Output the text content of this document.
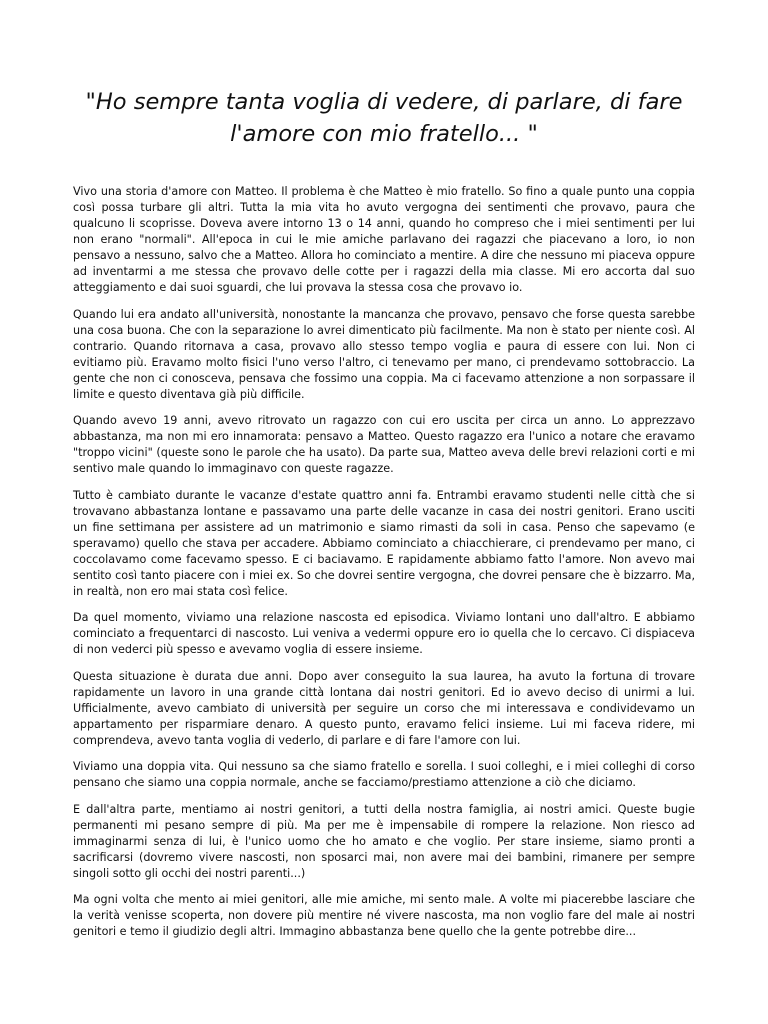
"Ho sempre tanta voglia di vedere, di parlare, di fare
l'amore con mio fratello... "

Vivo una storia d'amore con Matteo. Il problema è che Matteo è mio fratello. So fino a quale punto una coppia così possa turbare gli altri. Tutta la mia vita ho avuto vergogna dei sentimenti che provavo, paura che qualcuno li scoprisse. Doveva avere intorno 13 o 14 anni, quando ho compreso che i miei sentimenti per lui non erano "normali". All'epoca in cui le mie amiche parlavano dei ragazzi che piacevano a loro, io non pensavo a nessuno, salvo che a Matteo. Allora ho cominciato a mentire. A dire che nessuno mi piaceva oppure ad inventarmi a me stessa che provavo delle cotte per i ragazzi della mia classe. Mi ero accorta dal suo atteggiamento e dai suoi sguardi, che lui provava la stessa cosa che provavo io.

Quando lui era andato all'università, nonostante la mancanza che provavo, pensavo che forse questa sarebbe una cosa buona. Che con la separazione lo avrei dimenticato più facilmente. Ma non è stato per niente così. Al contrario. Quando ritornava a casa, provavo allo stesso tempo voglia e paura di essere con lui. Non ci evitiamo più. Eravamo molto fisici l'uno verso l'altro, ci tenevamo per mano, ci prendevamo sottobraccio. La gente che non ci conosceva, pensava che fossimo una coppia. Ma ci facevamo attenzione a non sorpassare il limite e questo diventava già più difficile.

Quando avevo 19 anni, avevo ritrovato un ragazzo con cui ero uscita per circa un anno. Lo apprezzavo abbastanza, ma non mi ero innamorata: pensavo a Matteo. Questo ragazzo era l'unico a notare che eravamo "troppo vicini" (queste sono le parole che ha usato). Da parte sua, Matteo aveva delle brevi relazioni corti e mi sentivo male quando lo immaginavo con queste ragazze.

Tutto è cambiato durante le vacanze d'estate quattro anni fa. Entrambi eravamo studenti nelle città che si trovavano abbastanza lontane e passavamo una parte delle vacanze in casa dei nostri genitori. Erano usciti un fine settimana per assistere ad un matrimonio e siamo rimasti da soli in casa. Penso che sapevamo (e speravamo) quello che stava per accadere. Abbiamo cominciato a chiacchierare, ci prendevamo per mano, ci coccolavamo come facevamo spesso. E ci baciavamo. E rapidamente abbiamo fatto l'amore. Non avevo mai sentito così tanto piacere con i miei ex. So che dovrei sentire vergogna, che dovrei pensare che è bizzarro. Ma, in realtà, non ero mai stata così felice.

Da quel momento, viviamo una relazione nascosta ed episodica. Viviamo lontani uno dall'altro. E abbiamo cominciato a frequentarci di nascosto. Lui veniva a vedermi oppure ero io quella che lo cercavo. Ci dispiaceva di non vederci più spesso e avevamo voglia di essere insieme.

Questa situazione è durata due anni. Dopo aver conseguito la sua laurea, ha avuto la fortuna di trovare rapidamente un lavoro in una grande città lontana dai nostri genitori. Ed io avevo deciso di unirmi a lui. Ufficialmente, avevo cambiato di università per seguire un corso che mi interessava e condividevamo un appartamento per risparmiare denaro. A questo punto, eravamo felici insieme. Lui mi faceva ridere, mi comprendeva, avevo tanta voglia di vederlo, di parlare e di fare l'amore con lui.

Viviamo una doppia vita. Qui nessuno sa che siamo fratello e sorella. I suoi colleghi, e i miei colleghi di corso pensano che siamo una coppia normale, anche se facciamo/prestiamo attenzione a ciò che diciamo.

E dall'altra parte, mentiamo ai nostri genitori, a tutti della nostra famiglia, ai nostri amici. Queste bugie permanenti mi pesano sempre di più. Ma per me è impensabile di rompere la relazione. Non riesco ad immaginarmi senza di lui, è l'unico uomo che ho amato e che voglio. Per stare insieme, siamo pronti a sacrificarsi (dovremo vivere nascosti, non sposarci mai, non avere mai dei bambini, rimanere per sempre singoli sotto gli occhi dei nostri parenti...)

Ma ogni volta che mento ai miei genitori, alle mie amiche, mi sento male. A volte mi piacerebbe lasciare che la verità venisse scoperta, non dovere più mentire né vivere nascosta, ma non voglio fare del male ai nostri genitori e temo il giudizio degli altri. Immagino abbastanza bene quello che la gente potrebbe dire...
